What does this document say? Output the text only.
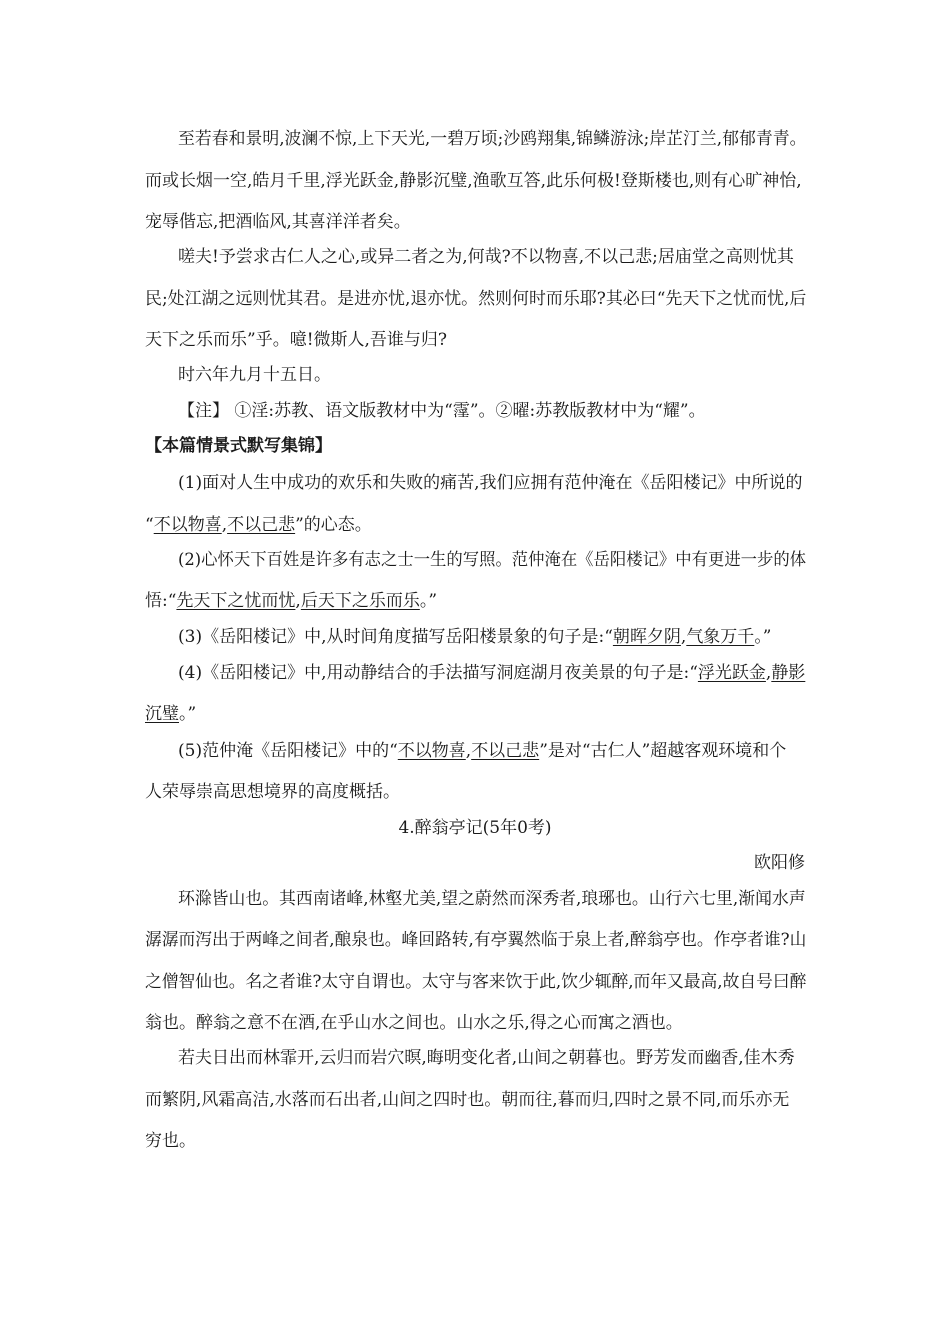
至若春和景明,波澜不惊,上下天光,一碧万顷;沙鸥翔集,锦鳞游泳;岸芷汀兰,郁郁青青。
而或长烟一空,皓月千里,浮光跃金,静影沉璧,渔歌互答,此乐何极!登斯楼也,则有心旷神怡,
宠辱偕忘,把酒临风,其喜洋洋者矣。
嗟夫!予尝求古仁人之心,或异二者之为,何哉?不以物喜,不以己悲;居庙堂之高则忧其
民;处江湖之远则忧其君。是进亦忧,退亦忧。然则何时而乐耶?其必曰“先天下之忧而忧,后
天下之乐而乐”乎。噫!微斯人,吾谁与归?
时六年九月十五日。
【注】 ①淫:苏教、语文版教材中为“霪”。②曜:苏教版教材中为“耀”。
【本篇情景式默写集锦】
(1)面对人生中成功的欢乐和失败的痛苦,我们应拥有范仲淹在《岳阳楼记》中所说的
“不以物喜,不以己悲”的心态。
(2)心怀天下百姓是许多有志之士一生的写照。范仲淹在《岳阳楼记》中有更进一步的体
悟:“先天下之忧而忧,后天下之乐而乐。”
(3)《岳阳楼记》中,从时间角度描写岳阳楼景象的句子是:“朝晖夕阴,气象万千。”
(4)《岳阳楼记》中,用动静结合的手法描写洞庭湖月夜美景的句子是:“浮光跃金,静影
沉璧。”
(5)范仲淹《岳阳楼记》中的“不以物喜,不以己悲”是对“古仁人”超越客观环境和个
人荣辱崇高思想境界的高度概括。
4.醉翁亭记(5年0考)
欧阳修
环滁皆山也。其西南诸峰,林壑尤美,望之蔚然而深秀者,琅琊也。山行六七里,渐闻水声
潺潺而泻出于两峰之间者,酿泉也。峰回路转,有亭翼然临于泉上者,醉翁亭也。作亭者谁?山
之僧智仙也。名之者谁?太守自谓也。太守与客来饮于此,饮少辄醉,而年又最高,故自号曰醉
翁也。醉翁之意不在酒,在乎山水之间也。山水之乐,得之心而寓之酒也。
若夫日出而林霏开,云归而岩穴暝,晦明变化者,山间之朝暮也。野芳发而幽香,佳木秀
而繁阴,风霜高洁,水落而石出者,山间之四时也。朝而往,暮而归,四时之景不同,而乐亦无
穷也。
